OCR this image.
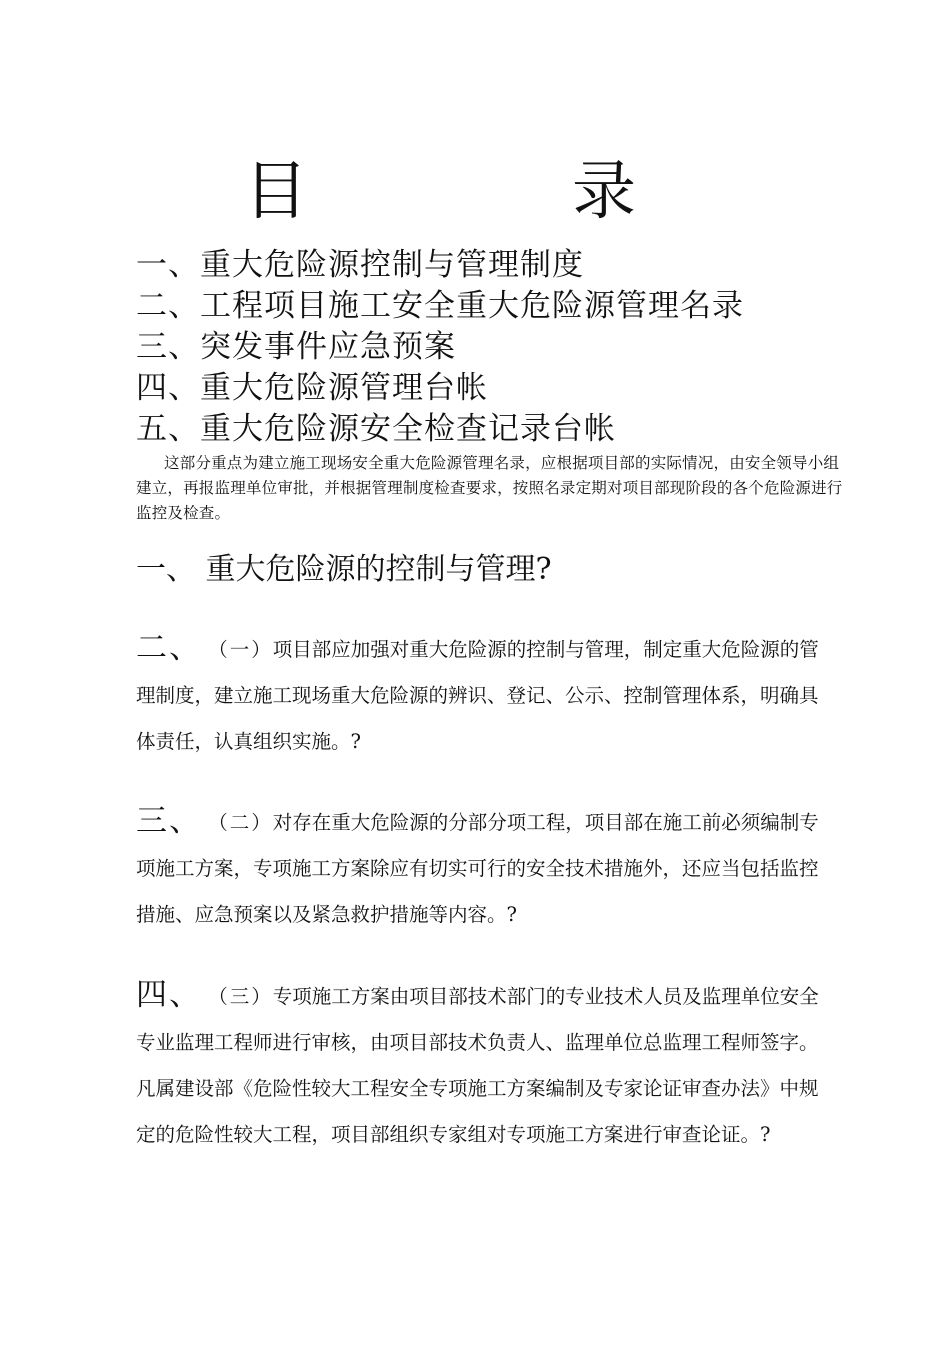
目　录
一、重大危险源控制与管理制度
二、工程项目施工安全重大危险源管理名录
三、突发事件应急预案
四、重大危险源管理台帐
五、重大危险源安全检查记录台帐

这部分重点为建立施工现场安全重大危险源管理名录，应根据项目部的实际情况，由安全领导小组建立，再报监理单位审批，并根据管理制度检查要求，按照名录定期对项目部现阶段的各个危险源进行监控及检查。

一、 重大危险源的控制与管理?
二、 （一）项目部应加强对重大危险源的控制与管理，制定重大危险源的管
理制度，建立施工现场重大危险源的辨识、登记、公示、控制管理体系，明确具
体责任，认真组织实施。?
三、 （二）对存在重大危险源的分部分项工程，项目部在施工前必须编制专
项施工方案，专项施工方案除应有切实可行的安全技术措施外，还应当包括监控
措施、应急预案以及紧急救护措施等内容。?
四、 （三）专项施工方案由项目部技术部门的专业技术人员及监理单位安全
专业监理工程师进行审核，由项目部技术负责人、监理单位总监理工程师签字。
凡属建设部《危险性较大工程安全专项施工方案编制及专家论证审查办法》中规
定的危险性较大工程，项目部组织专家组对专项施工方案进行审查论证。?
